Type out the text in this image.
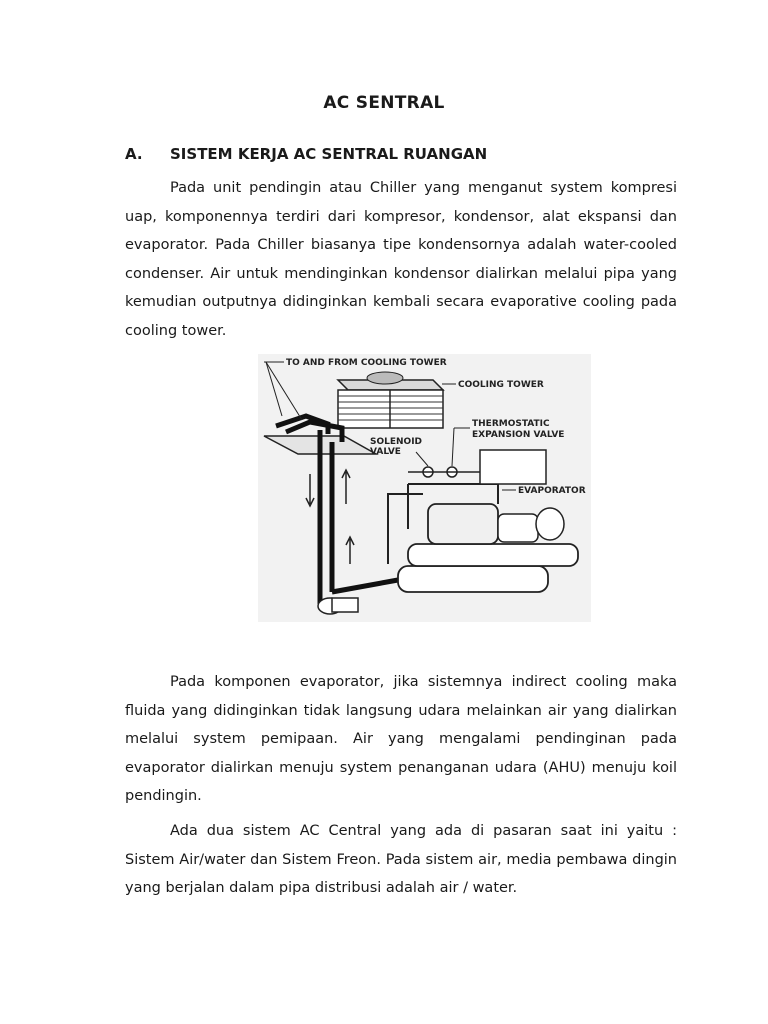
AC SENTRAL
A. SISTEM KERJA AC SENTRAL RUANGAN

Pada unit pendingin atau Chiller yang menganut system kompresi uap, komponennya terdiri dari kompresor, kondensor, alat ekspansi dan evaporator. Pada Chiller biasanya tipe kondensornya adalah water-cooled condenser. Air untuk mendinginkan kondensor dialirkan melalui pipa yang kemudian outputnya didinginkan kembali secara evaporative cooling pada cooling tower.

TO AND FROM COOLING TOWER
COOLING TOWER
THERMOSTATIC
EXPANSION VALVE
SOLENOID
VALVE
EVAPORATOR

Pada komponen evaporator, jika sistemnya indirect cooling maka fluida yang didinginkan tidak langsung udara melainkan air yang dialirkan melalui system pemipaan. Air yang mengalami pendinginan pada evaporator dialirkan menuju system penanganan udara (AHU) menuju koil pendingin.

Ada dua sistem AC Central yang ada di pasaran saat ini yaitu : Sistem Air/water dan Sistem Freon. Pada sistem air, media pembawa dingin yang berjalan dalam pipa distribusi adalah air / water.
